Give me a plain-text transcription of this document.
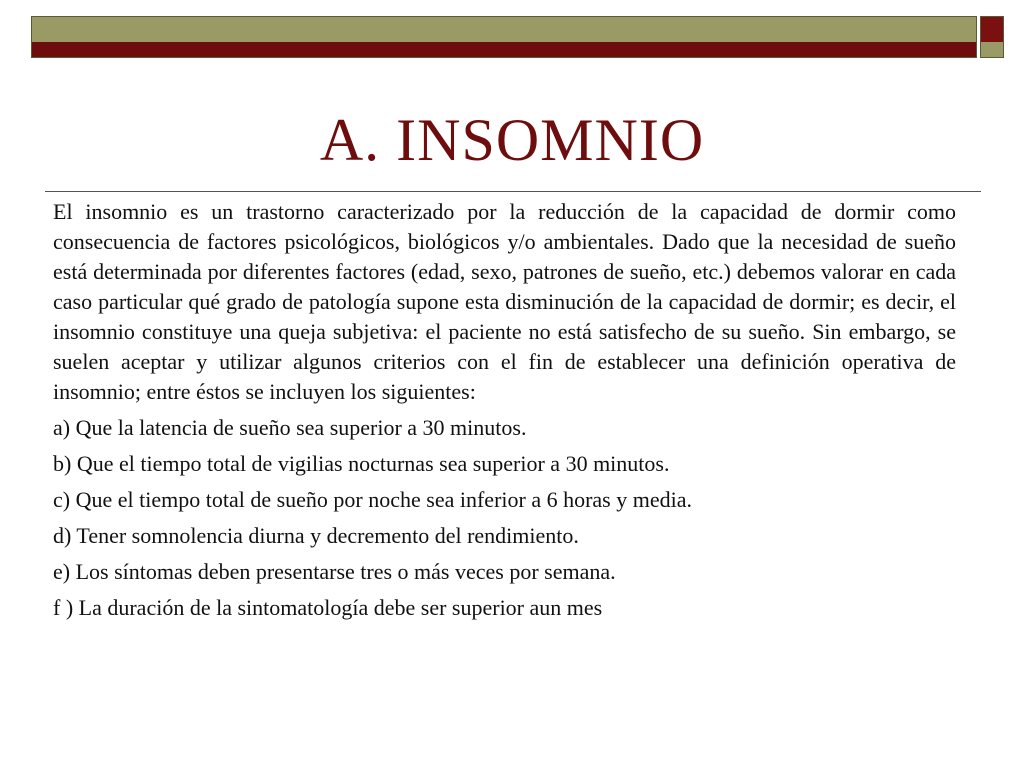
A. INSOMNIO

El insomnio es un trastorno caracterizado por la reducción de la capacidad de dormir como consecuencia de factores psicológicos, biológicos y/o ambientales. Dado que la necesidad de sueño está determinada por diferentes factores (edad, sexo, patrones de sueño, etc.) debemos valorar en cada caso particular qué grado de patología supone esta disminución de la capacidad de dormir; es decir, el insomnio constituye una queja subjetiva: el paciente no está satisfecho de su sueño. Sin embargo, se suelen aceptar y utilizar algunos criterios con el fin de establecer una definición operativa de insomnio; entre éstos se incluyen los siguientes:

a) Que la latencia de sueño sea superior a 30 minutos.

b) Que el tiempo total de vigilias nocturnas sea superior a 30 minutos.

c) Que el tiempo total de sueño por noche sea inferior a 6 horas y media.

d) Tener somnolencia diurna y decremento del rendimiento.

e) Los síntomas deben presentarse tres o más veces por semana.

f ) La duración de la sintomatología debe ser superior aun mes
